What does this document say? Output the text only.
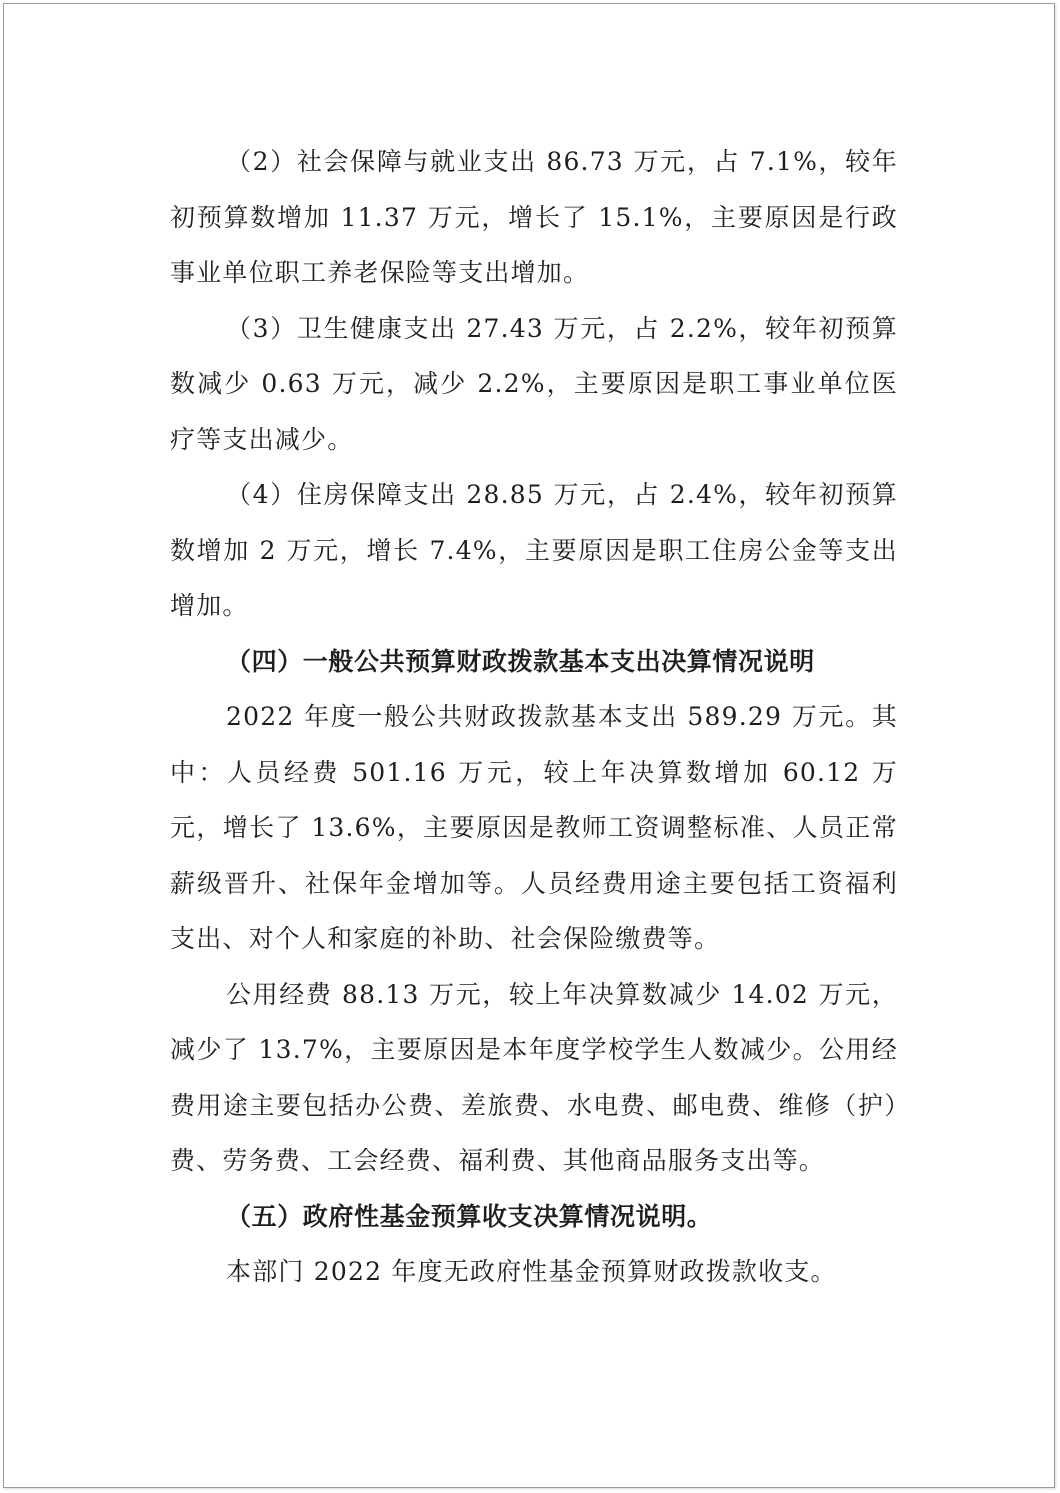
（2）社会保障与就业支出 86.73 万元，占 7.1%，较年初预算数增加 11.37 万元，增长了 15.1%，主要原因是行政事业单位职工养老保险等支出增加。

（3）卫生健康支出 27.43 万元，占 2.2%，较年初预算数减少 0.63 万元，减少 2.2%，主要原因是职工事业单位医疗等支出减少。

（4）住房保障支出 28.85 万元，占 2.4%，较年初预算数增加 2 万元，增长 7.4%，主要原因是职工住房公金等支出增加。

（四）一般公共预算财政拨款基本支出决算情况说明

2022 年度一般公共财政拨款基本支出 589.29 万元。其中：人员经费 501.16 万元，较上年决算数增加 60.12 万元，增长了 13.6%，主要原因是教师工资调整标准、人员正常薪级晋升、社保年金增加等。人员经费用途主要包括工资福利支出、对个人和家庭的补助、社会保险缴费等。

公用经费 88.13 万元，较上年决算数减少 14.02 万元，减少了 13.7%，主要原因是本年度学校学生人数减少。公用经费用途主要包括办公费、差旅费、水电费、邮电费、维修（护）费、劳务费、工会经费、福利费、其他商品服务支出等。

（五）政府性基金预算收支决算情况说明。

本部门 2022 年度无政府性基金预算财政拨款收支。
